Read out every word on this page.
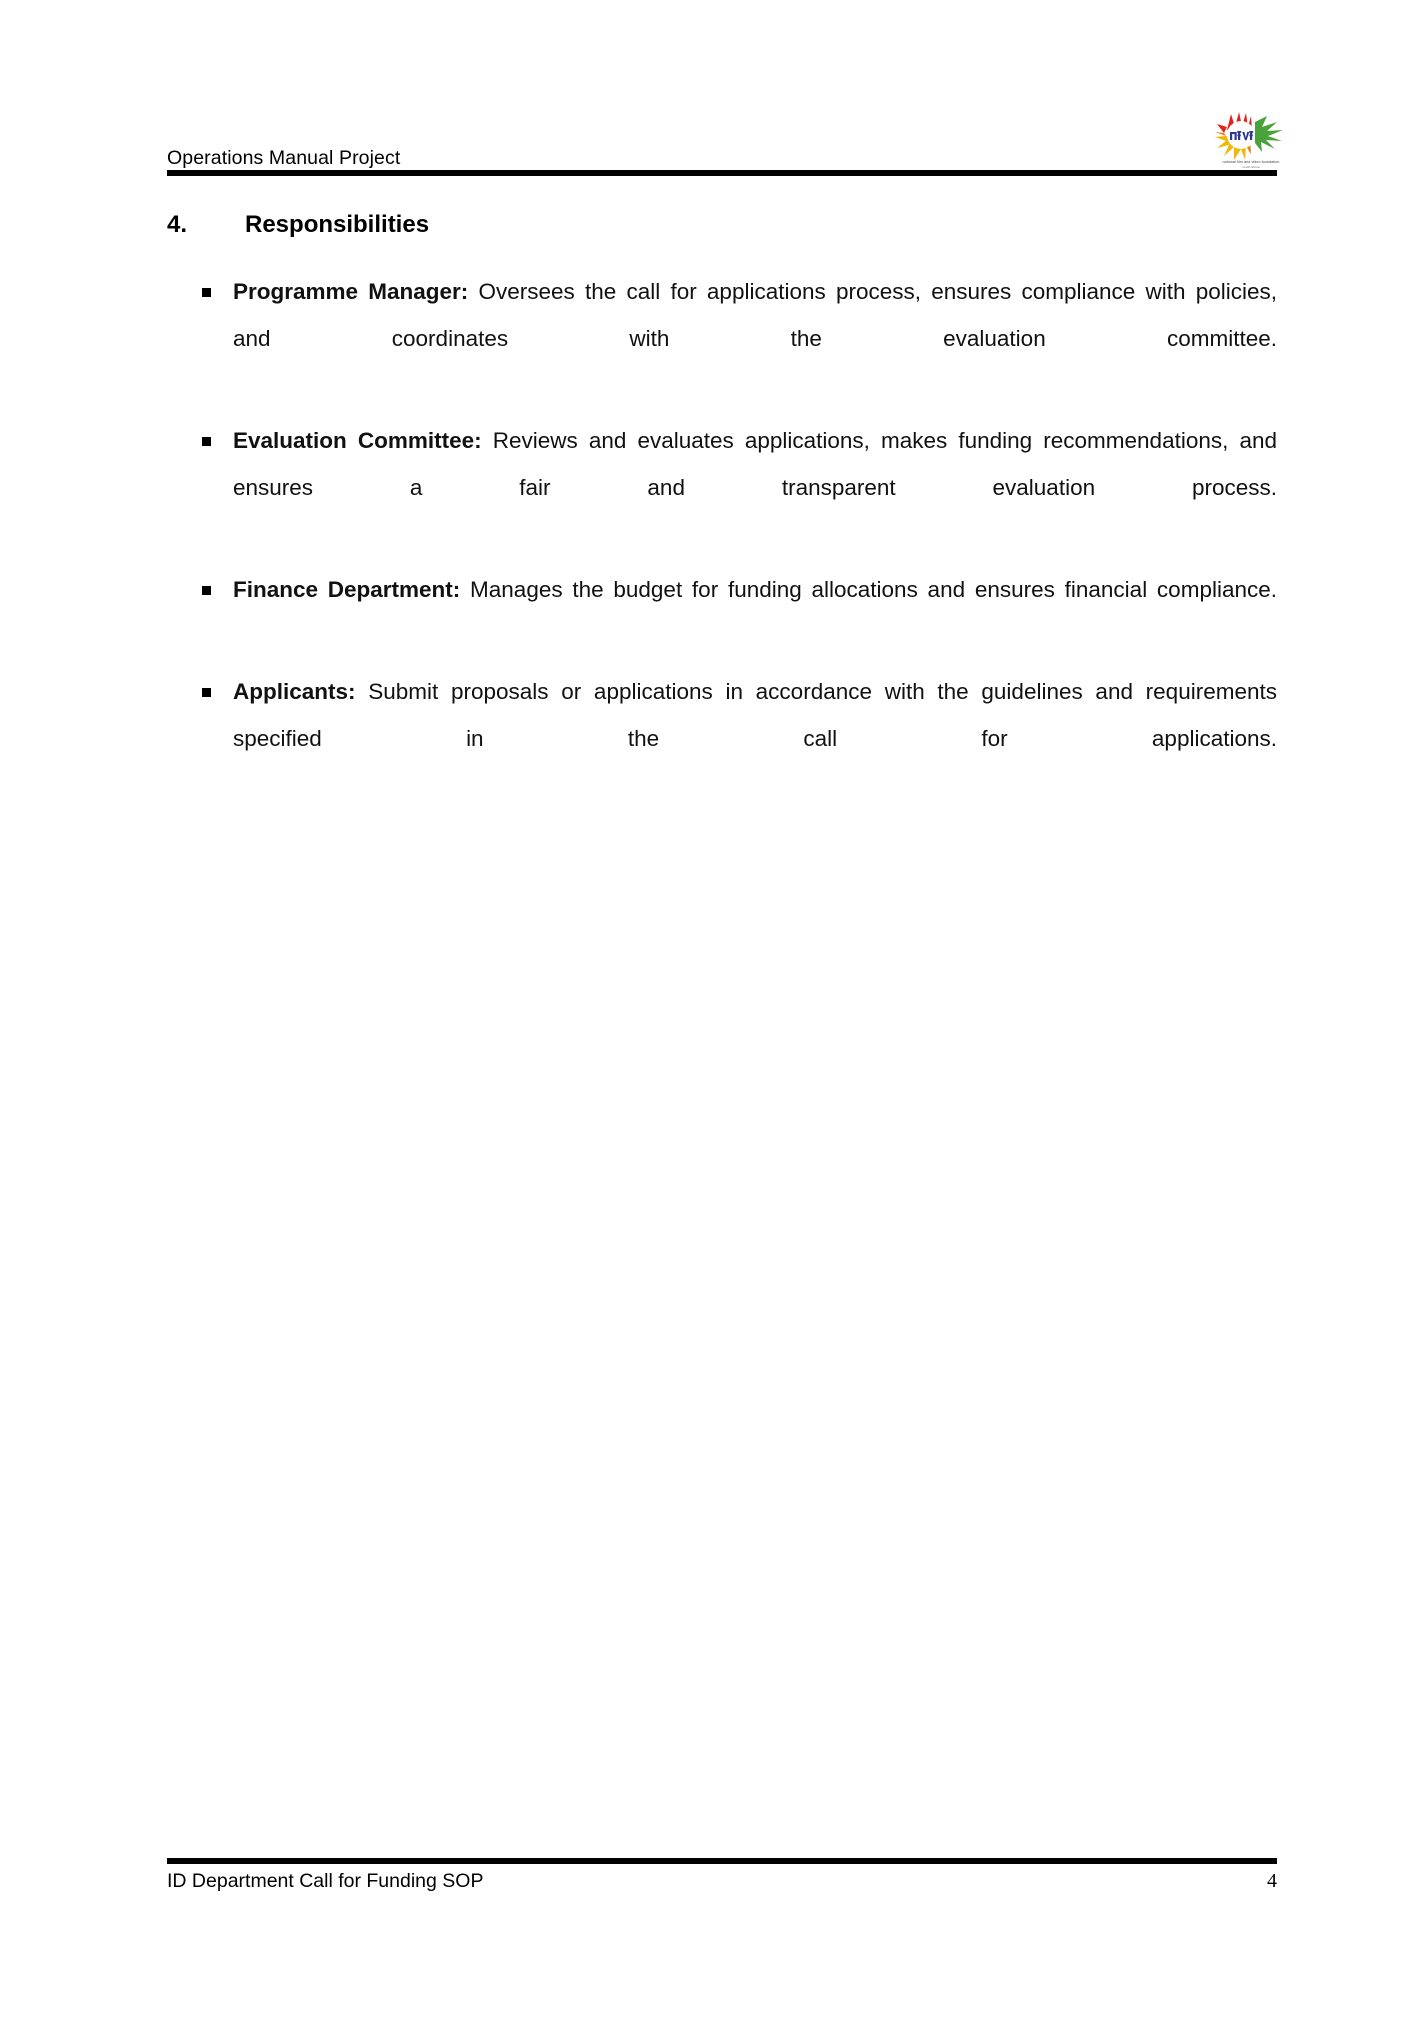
Operations Manual Project	national film and video foundation
south africa
4.	Responsibilities
Programme Manager: Oversees the call for applications process, ensures compliance with policies, and coordinates with the evaluation committee.
Evaluation Committee: Reviews and evaluates applications, makes funding recommendations, and ensures a fair and transparent evaluation process.
Finance Department: Manages the budget for funding allocations and ensures financial compliance.
Applicants: Submit proposals or applications in accordance with the guidelines and requirements specified in the call for applications.
ID Department Call for Funding SOP	4
